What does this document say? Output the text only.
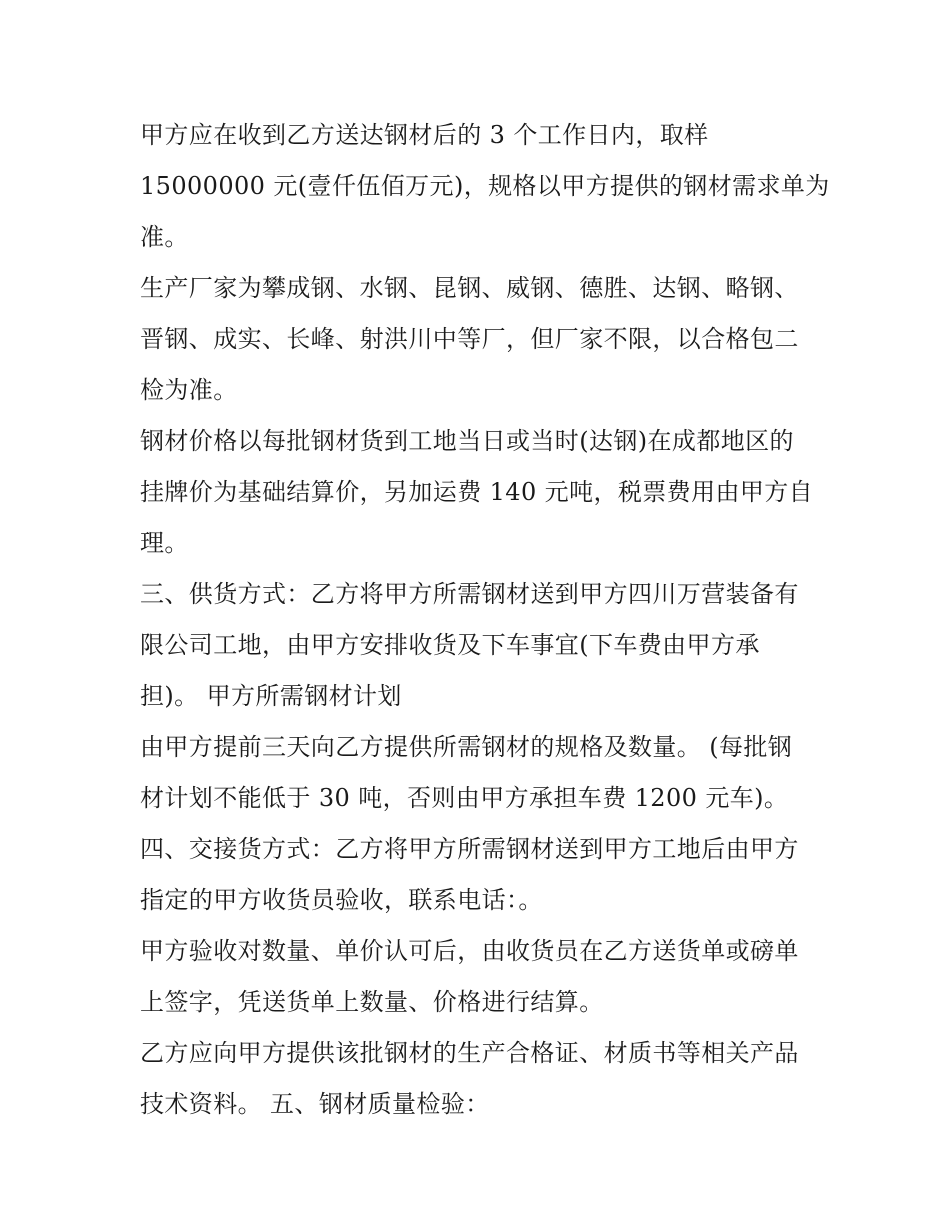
甲方应在收到乙方送达钢材后的 3 个工作日内，取样
15000000 元(壹仟伍佰万元)，规格以甲方提供的钢材需求单为
准。

生产厂家为攀成钢、水钢、昆钢、威钢、德胜、达钢、略钢、
晋钢、成实、长峰、射洪川中等厂，但厂家不限，以合格包二
检为准。

钢材价格以每批钢材货到工地当日或当时(达钢)在成都地区的
挂牌价为基础结算价，另加运费 140 元吨，税票费用由甲方自
理。

三、供货方式：乙方将甲方所需钢材送到甲方四川万营装备有
限公司工地，由甲方安排收货及下车事宜(下车费由甲方承
担)。 甲方所需钢材计划

由甲方提前三天向乙方提供所需钢材的规格及数量。 (每批钢
材计划不能低于 30 吨，否则由甲方承担车费 1200 元车)。

四、交接货方式：乙方将甲方所需钢材送到甲方工地后由甲方
指定的甲方收货员验收，联系电话：。

甲方验收对数量、单价认可后，由收货员在乙方送货单或磅单
上签字，凭送货单上数量、价格进行结算。

乙方应向甲方提供该批钢材的生产合格证、材质书等相关产品
技术资料。 五、钢材质量检验：
